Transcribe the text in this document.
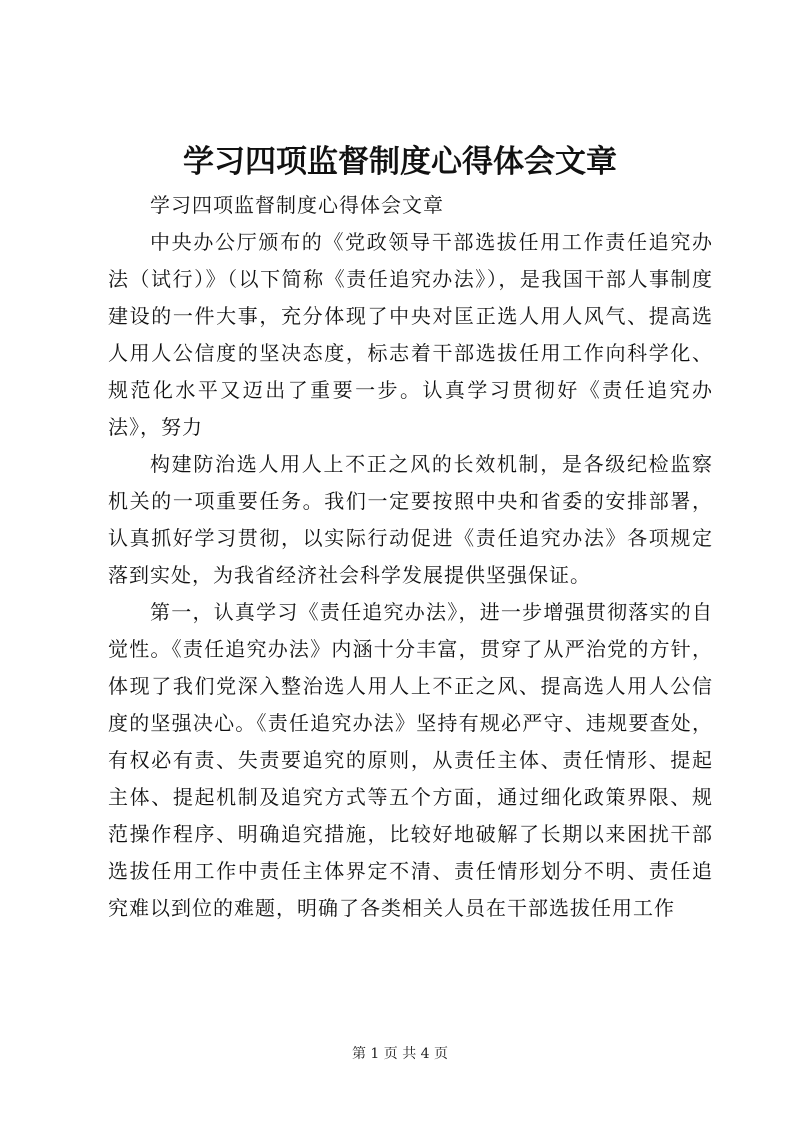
学习四项监督制度心得体会文章

学习四项监督制度心得体会文章

中央办公厅颁布的《党政领导干部选拔任用工作责任追究办法（试行）》（以下简称《责任追究办法》），是我国干部人事制度建设的一件大事，充分体现了中央对匡正选人用人风气、提高选人用人公信度的坚决态度，标志着干部选拔任用工作向科学化、规范化水平又迈出了重要一步。认真学习贯彻好《责任追究办法》，努力

构建防治选人用人上不正之风的长效机制，是各级纪检监察机关的一项重要任务。我们一定要按照中央和省委的安排部署，认真抓好学习贯彻，以实际行动促进《责任追究办法》各项规定落到实处，为我省经济社会科学发展提供坚强保证。

第一，认真学习《责任追究办法》，进一步增强贯彻落实的自觉性。《责任追究办法》内涵十分丰富，贯穿了从严治党的方针，体现了我们党深入整治选人用人上不正之风、提高选人用人公信度的坚强决心。《责任追究办法》坚持有规必严守、违规要查处，有权必有责、失责要追究的原则，从责任主体、责任情形、提起主体、提起机制及追究方式等五个方面，通过细化政策界限、规范操作程序、明确追究措施，比较好地破解了长期以来困扰干部选拔任用工作中责任主体界定不清、责任情形划分不明、责任追究难以到位的难题，明确了各类相关人员在干部选拔任用工作

第 1 页 共 4 页
